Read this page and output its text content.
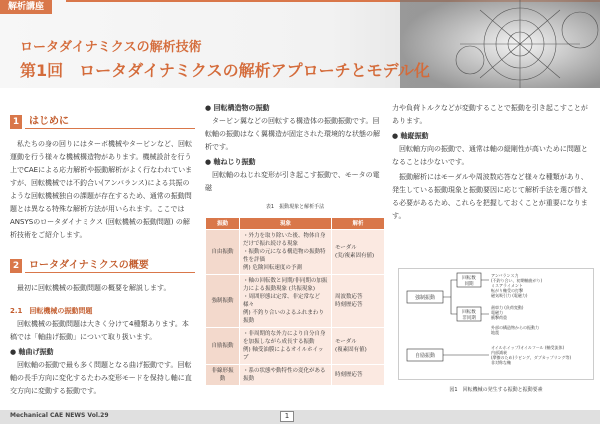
解析講座
ロータダイナミクスの解析技術
第1回　ロータダイナミクスの解析アプローチとモデル化
1 はじめに
私たちの身の回りにはターボ機械やタービンなど、回転運動を行う様々な機械構造物があります。機械設計を行う上でCAEによる応力解析や振動解析がよく行なわれていますが、回転機械では不釣合い(アンバランス)による共振のような回転機械独自の課題が存在するため、通常の振動問題とは異なる特殊な解析方法が用いられます。ここではANSYSのロータダイナミクス (回転機械の振動問題) の解析技術をご紹介します。
2 ロータダイナミクスの概要
最初に回転機械の振動問題の概要を解説します。
2.1　回転機械の振動問題
回転機械の振動問題は大きく分けて4種類あります。本稿では「軸曲げ振動」について取り扱います。
● 軸曲げ振動
回転軸の振動で最も多く問題となる曲げ振動です。回転軸の長手方向に変化するたわみ変形モードを保持し軸に直交方向に変動する振動です。
● 回転構造物の振動
タービン翼などの回転する構造体の振動振動です。回転軸の振動はなく翼構造が固定された環境的な状態の解析です。
● 軸ねじり振動
回転軸のねじれ変形が引き起こす振動で、モータの電磁
表1　振動現象と解析手法
振動	現象	解析
自由振動	・外力を取り除いた後、物体自身だけで振れ続ける現象
・振動の元になる構造物の振動特性を評価
例) 危険回転速度の予測	モーダル
(実/複素固有値)
強制振動	・軸の回転数と同期/非同期の加振力による振動現象 (共振現象)
・周囲形態は定常、非定常など様々
例) 不釣り合いのよるふれまわり振動	周波数応答
時刻歴応答
自励振動	・非周期的な外力により自分自身を加振しながら成長する振動
例) 軸受油膜によるオイルホイップ	モーダル
(複素固有値)
非線形振動	・系の状態や動特性の変化がある振動	時刻歴応答
力や負荷トルクなどが変動することで振動を引き起こすことがあります。
● 軸縦振動
回転軸方向の振動で、通常は軸の縦剛性が高いために問題となることは少ないです。
振動解析にはモーダルや周波数応答など様々な種類があり、発生している振動現象と振動要因に応じて解析手法を選び替える必要があるため、これらを把握しておくことが重要になります。
強制振動
回転数
同期
回転数
非同期
自励振動
アンバランス力
(不釣り合い、初期軸曲がり)
ミスアライメント
転がり軸受の打撃
磁気吸引力 (電磁力)
歯車力 (負荷変動)
電磁力
衝撃荷重
外部の構造物からの振動力
地震
オイルホイップ/オイルフール (軸受流体)
内部減衰
(摩擦のため)ラビング、ダブカップリング等)
非対称な軸
図1　回転機械の発生する振動と振動要素
Mechanical CAE NEWS Vol.29	1
